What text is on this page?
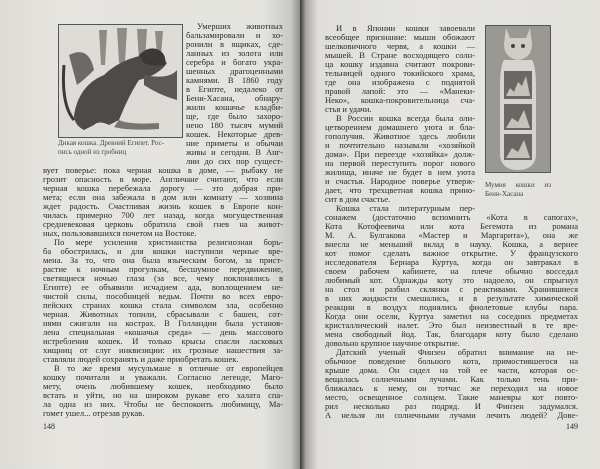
Дикая кошка. Древний Египет. Рос-
пись одной из гробниц
Умерших животных
бальзамировали и хо-
ронили в ящиках, сде-
ланных из золота или
серебра и богато укра-
шенных драгоценными
камнями. В 1860 году
в Египте, недалеко от
Бени-Хасана, обнару-
жили кошачье кладби-
ще, где было захоро-
нено 180 тысяч мумий
кошек. Некоторые древ-
ние приметы и обычаи
живы и сегодня. В Анг-
лии до сих пор сущест-
вует поверье: пока черная кошка в доме, — рыбаку не
грозит опасность в море. Англичане считают, что если
черная кошка перебежала дорогу — это добрая при-
мета; если она забежала в дом или комнату — хозяина
ждет радость. Счастливая жизнь кошек в Европе кон-
чилась примерно 700 лет назад, когда могущественная
средневековая церковь обратила свой гнев на живот-
ных, пользовавшихся почетом на Востоке.
По мере усиления христианства религиозная борь-
ба обострилась, и для кошки наступили черные вре-
мена. За то, что она была языческим богом, за прист-
растие к ночным прогулкам, бесшумное передвижение,
светящиеся ночью глаза (за все, чему поклонялись в
Египте) ее объявили исчадием ада, воплощением не-
чистой силы, пособницей ведьм. Почти во всех евро-
пейских странах кошка стала символом зла, особенно
черная. Животных топили, сбрасывали с башен, сот-
нями сжигали на кострах. В Голландии была установ-
лена специальная «кошачья среда» — день массового
истребления кошек. И только крысы спасли ласковых
хищниц от слуг инквизиции: их грозные нашествия за-
ставляли людей сохранять и даже приобретать кошек.
В то же время мусульмане в отличие от европейцев
кошку почитали и уважали. Согласно легенде, Маго-
мету, очень любившему кошек, необходимо было
встать и уйти, но на широком рукаве его халата спа-
ла одна из них. Чтобы не беспокоить любимицу, Ма-
гомет ушел... отрезав рукав.
148
Мумия кошки из
Бени-Хасана
И в Японии кошки завоевали
всеобщее признание: мыши обожают
шелковичного червя, а кошки —
мышей. В Стране восходящего солн-
ца кошку издавна считают покрови-
тельницей одного токийского храма,
где она изображена с поднятой
правой лапой: это — «Манеки-
Неко», кошка-покровительница сча-
стья и удачи.
В России кошка всегда была оли-
цетворением домашнего уюта и бла-
гополучия. Животное здесь любили
и почтительно называли «хозяйкой
дома». При переезде «хозяйка» долж-
на первой переступить порог нового
жилища, иначе не будет в нем уюта
и счастья. Народное поверье утверж-
дает, что трехцветная кошка прино-
сит в дом счастье.
Кошка стала литературным пер-
сонажем (достаточно вспомнить «Кота в сапогах»,
Кота Котофеевича или кота Бегемота из романа
М. А. Булгакова «Мастер и Маргарита»), она же
внесла не меньший вклад в науку. Кошка, а вернее
кот помог сделать важное открытие. У французского
исследователя Бернара Куртуа, когда он завтракал в
своем рабочем кабинете, на плече обычно восседал
любимый кот. Однажды коту это надоело, он спрыгнул
на стол и разбил склянки с реактивами. Хранившиеся
в них жидкости смешались, и в результате химической
реакции в воздух поднялись фиолетовые клубы пара.
Когда они осели, Куртуа заметил на соседних предметах
кристаллический налет. Это был неизвестный в те вре-
мена свободный йод. Так, благодаря коту было сделано
довольно крупное научное открытие.
Датский ученый Финзен обратил внимание на не-
обычное поведение больного кота, примостившегося на
крыше дома. Он сидел на той ее части, которая ос-
вещалась солнечными лучами. Как только тень при-
ближалась к нему, он тотчас же переходил на новое
место, освещенное солнцем. Такие маневры кот повто-
рил несколько раз подряд. И Финзен задумался.
А нельзя ли солнечными лучами лечить людей? Дове-
149
